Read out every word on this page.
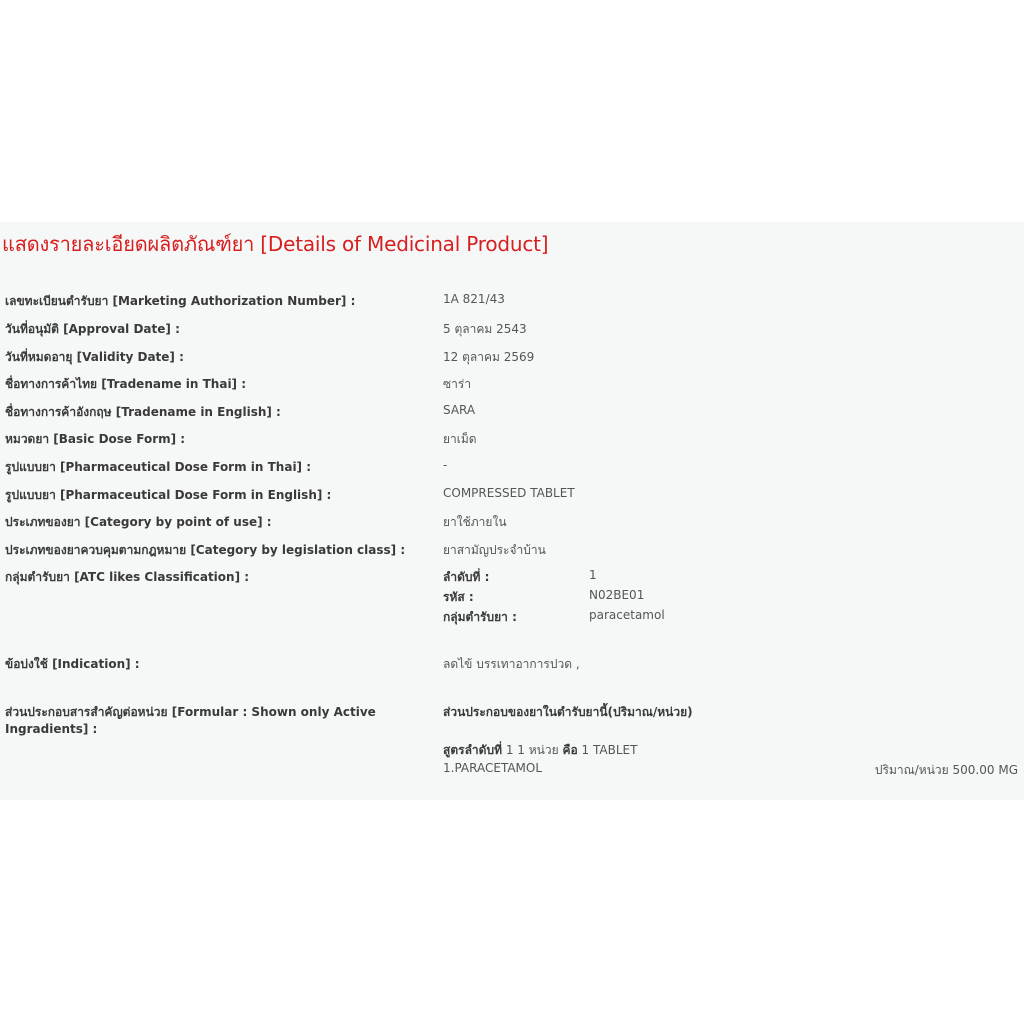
แสดงรายละเอียดผลิตภัณฑ์ยา [Details of Medicinal Product]
เลขทะเบียนตำรับยา [Marketing Authorization Number] :	1A 821/43
วันที่อนุมัติ [Approval Date] :	5 ตุลาคม 2543
วันที่หมดอายุ [Validity Date] :	12 ตุลาคม 2569
ชื่อทางการค้าไทย [Tradename in Thai] :	ซาร่า
ชื่อทางการค้าอังกฤษ [Tradename in English] :	SARA
หมวดยา [Basic Dose Form] :	ยาเม็ด
รูปแบบยา [Pharmaceutical Dose Form in Thai] :	-
รูปแบบยา [Pharmaceutical Dose Form in English] :	COMPRESSED TABLET
ประเภทของยา [Category by point of use] :	ยาใช้ภายใน
ประเภทของยาควบคุมตามกฎหมาย [Category by legislation class] :	ยาสามัญประจำบ้าน
กลุ่มตำรับยา [ATC likes Classification] :	ลำดับที่ :	1
รหัส :	N02BE01
กลุ่มตำรับยา :	paracetamol
ข้อบ่งใช้ [Indication] :	ลดไข้ บรรเทาอาการปวด ,
ส่วนประกอบสารสำคัญต่อหน่วย [Formular : Shown only Active
Ingradients] :
ส่วนประกอบของยาในตำรับยานี้(ปริมาณ/หน่วย)
สูตรลำดับที่ 1 1 หน่วย คือ 1 TABLET
1.PARACETAMOL	ปริมาณ/หน่วย 500.00 MG
